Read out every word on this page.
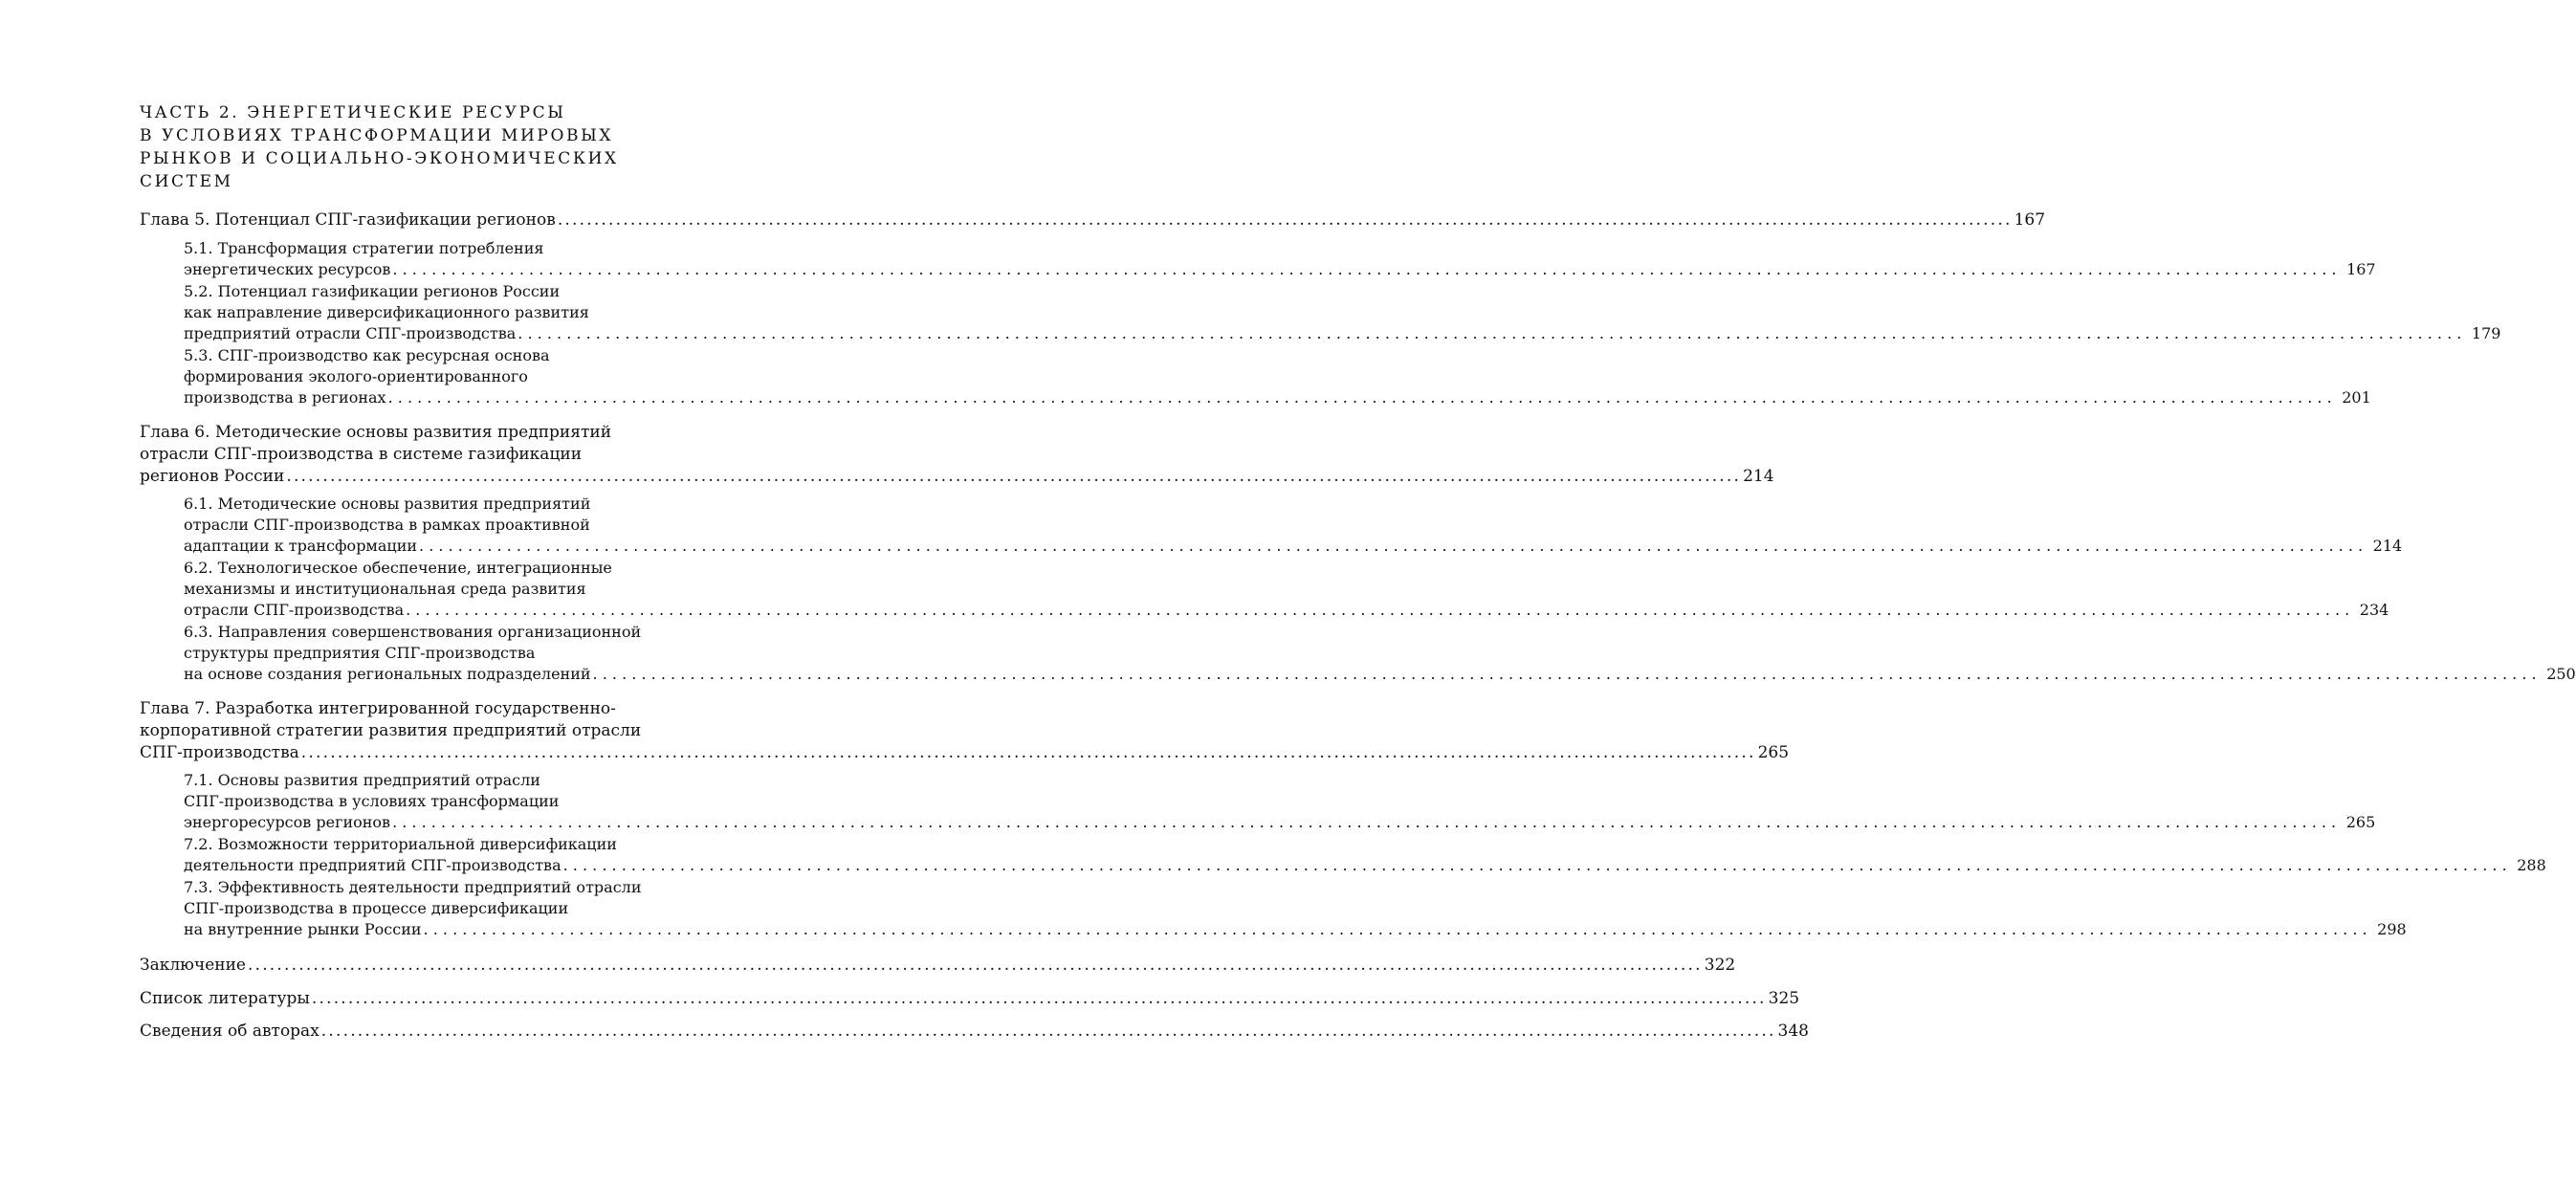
ЧАСТЬ 2. ЭНЕРГЕТИЧЕСКИЕ РЕСУРСЫ
В УСЛОВИЯХ ТРАНСФОРМАЦИИ МИРОВЫХ
РЫНКОВ И СОЦИАЛЬНО-ЭКОНОМИЧЕСКИХ
СИСТЕМ
Глава 5. Потенциал СПГ-газификации регионов ........................................................................................................................................................................................................ 167
5.1. Трансформация стратегии потребления
энергетических ресурсов ........................................................................................................................................................................................................ 167
5.2. Потенциал газификации регионов России
как направление диверсификационного развития
предприятий отрасли СПГ-производства ........................................................................................................................................................................................................ 179
5.3. СПГ-производство как ресурсная основа
формирования эколого-ориентированного
производства в регионах ........................................................................................................................................................................................................ 201
Глава 6. Методические основы развития предприятий
отрасли СПГ-производства в системе газификации
регионов России ........................................................................................................................................................................................................ 214
6.1. Методические основы развития предприятий
отрасли СПГ-производства в рамках проактивной
адаптации к трансформации ........................................................................................................................................................................................................ 214
6.2. Технологическое обеспечение, интеграционные
механизмы и институциональная среда развития
отрасли СПГ-производства ........................................................................................................................................................................................................ 234
6.3. Направления совершенствования организационной
структуры предприятия СПГ-производства
на основе создания региональных подразделений ........................................................................................................................................................................................................ 250
Глава 7. Разработка интегрированной государственно-
корпоративной стратегии развития предприятий отрасли
СПГ-производства ........................................................................................................................................................................................................ 265
7.1. Основы развития предприятий отрасли
СПГ-производства в условиях трансформации
энергоресурсов регионов ........................................................................................................................................................................................................ 265
7.2. Возможности территориальной диверсификации
деятельности предприятий СПГ-производства ........................................................................................................................................................................................................ 288
7.3. Эффективность деятельности предприятий отрасли
СПГ-производства в процессе диверсификации
на внутренние рынки России ........................................................................................................................................................................................................ 298
Заключение ........................................................................................................................................................................................................ 322
Список литературы ........................................................................................................................................................................................................ 325
Сведения об авторах ........................................................................................................................................................................................................ 348
